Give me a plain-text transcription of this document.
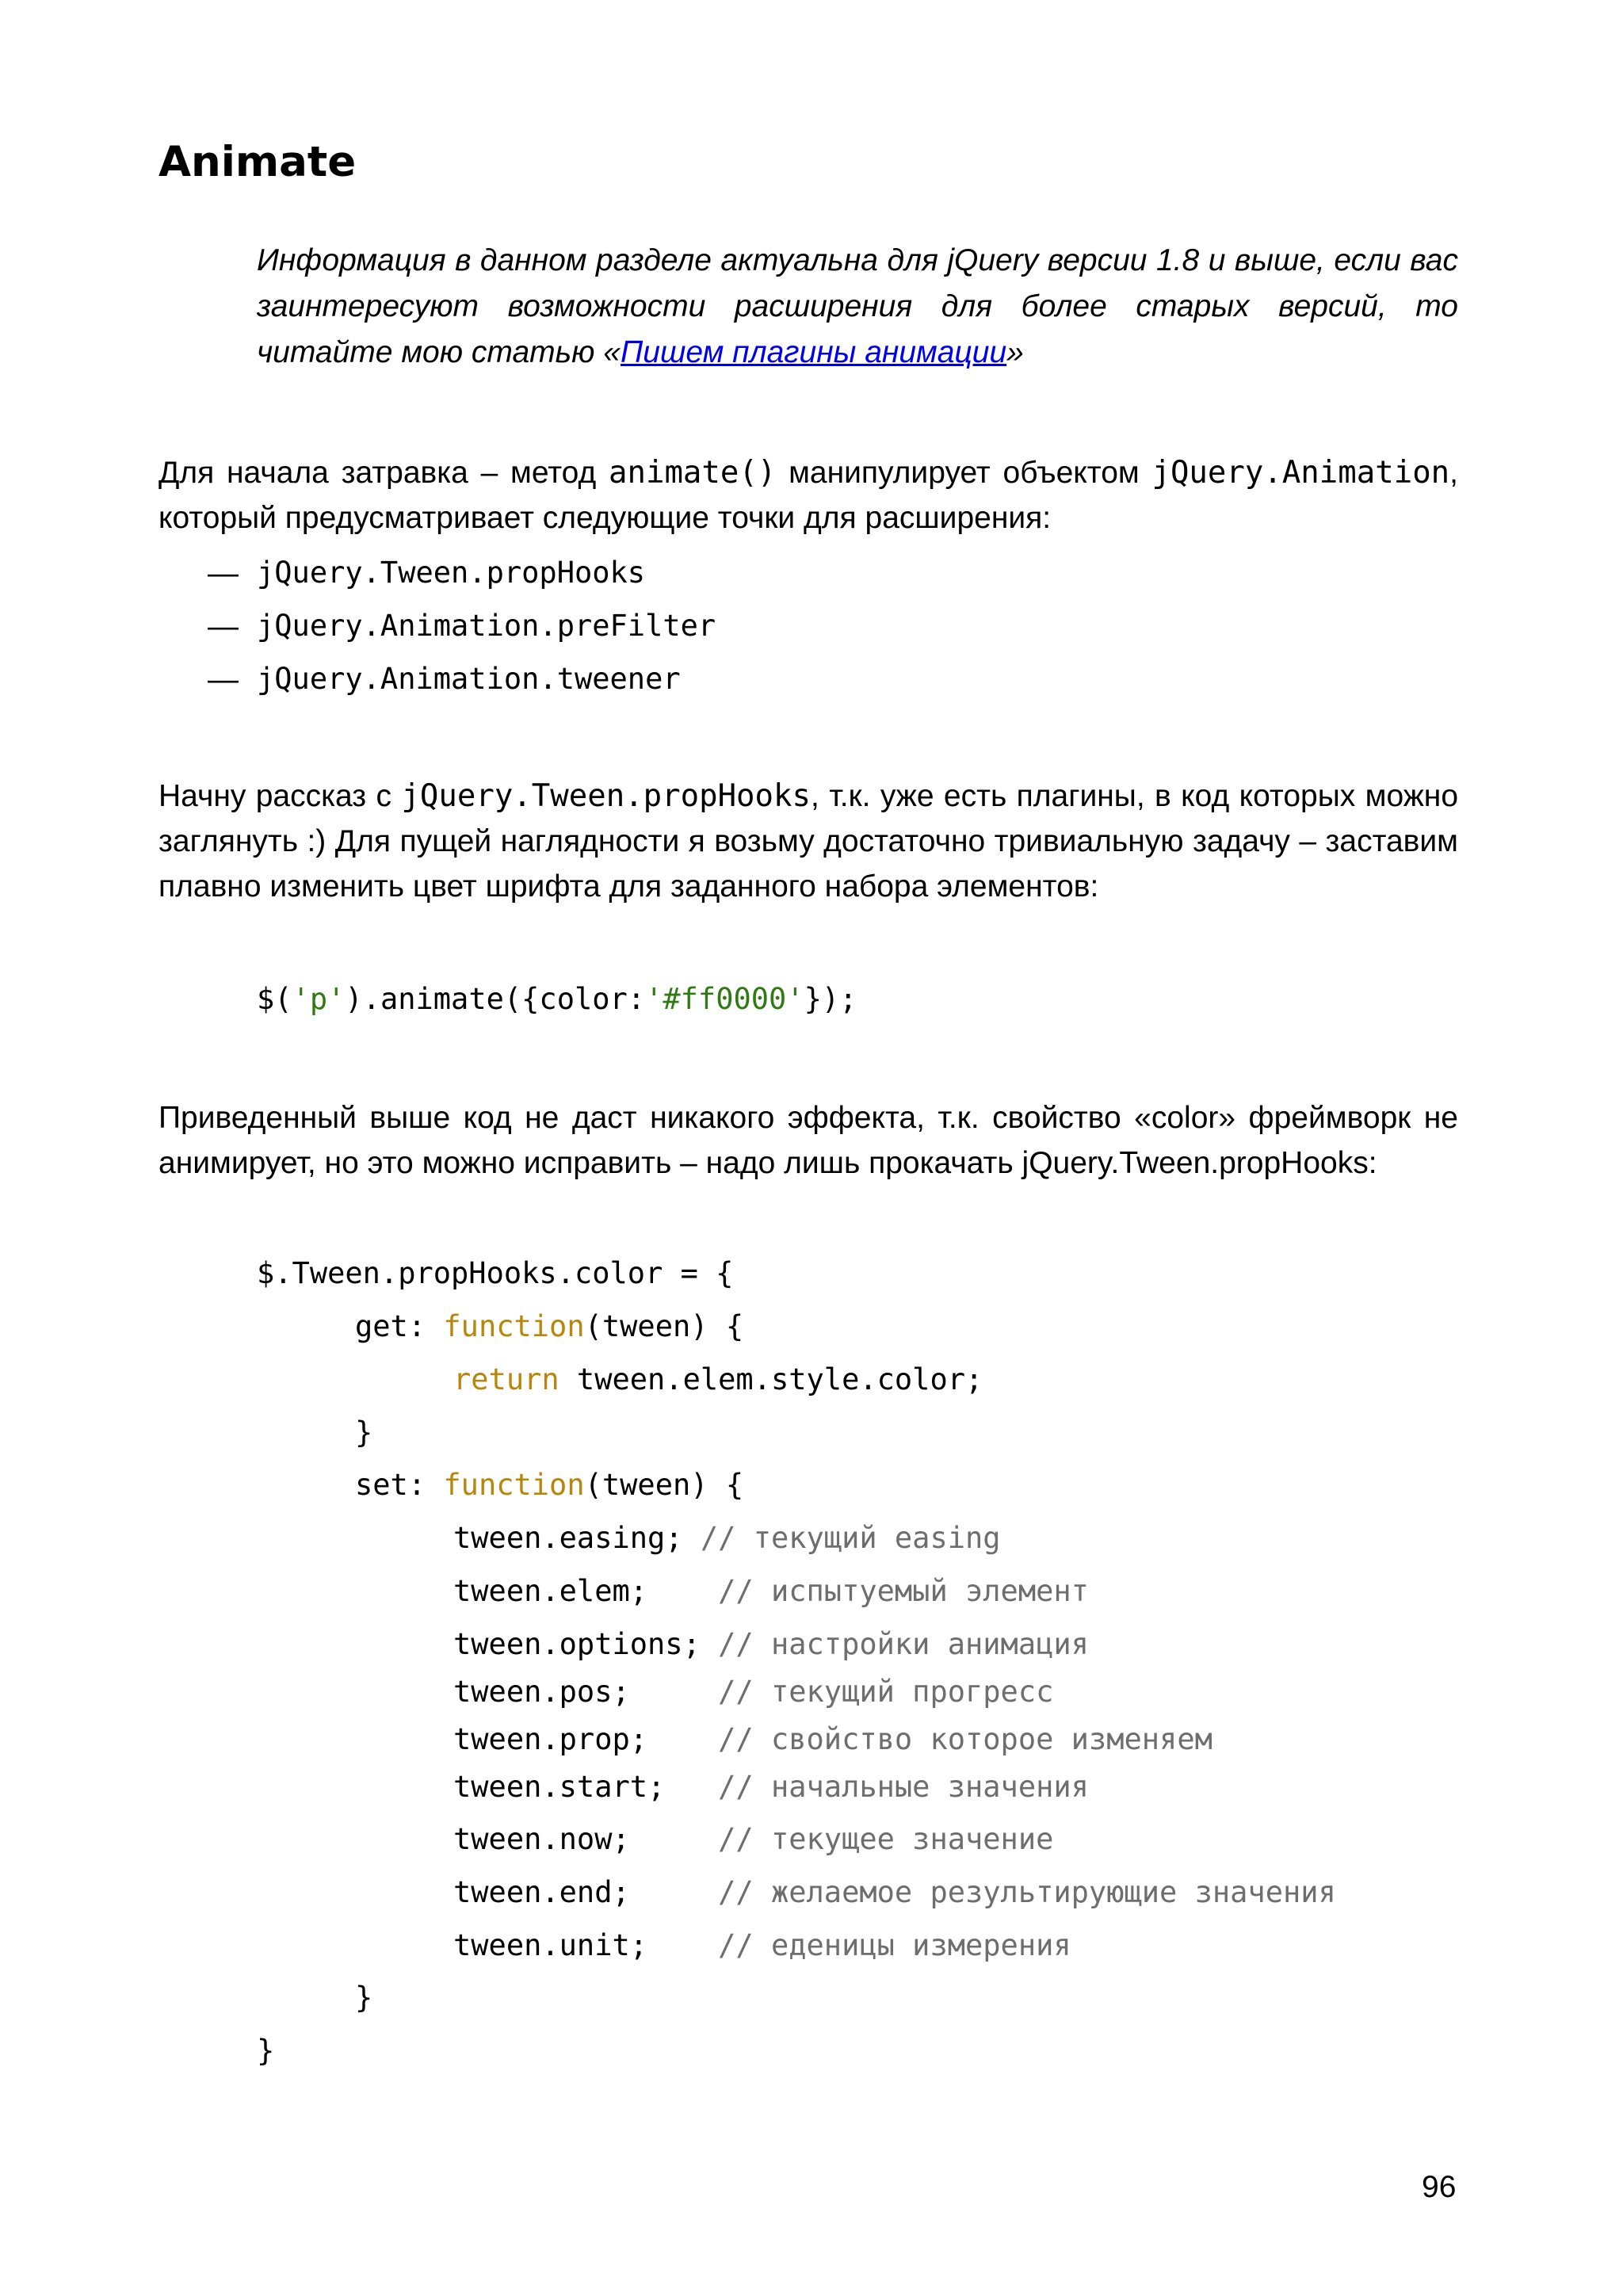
Animate
Информация в данном разделе актуальна для jQuery версии 1.8 и выше, если вас заинтересуют возможности расширения для более старых версий, то читайте мою статью «Пишем плагины анимации»
Для начала затравка – метод animate() манипулирует объектом jQuery.Animation, который предусматривает следующие точки для расширения:
— jQuery.Tween.propHooks
— jQuery.Animation.preFilter
— jQuery.Animation.tweener
Начну рассказ с jQuery.Tween.propHooks, т.к. уже есть плагины, в код которых можно заглянуть :) Для пущей наглядности я возьму достаточно тривиальную задачу – заставим плавно изменить цвет шрифта для заданного набора элементов:
$('p').animate({color:'#ff0000'});
Приведенный выше код не даст никакого эффекта, т.к. свойство «color» фреймворк не анимирует, но это можно исправить – надо лишь прокачать jQuery.Tween.propHooks:
$.Tween.propHooks.color = {
get: function(tween) {
return tween.elem.style.color;
}
set: function(tween) {
tween.easing; // текущий easing
tween.elem;    // испытуемый элемент
tween.options; // настройки анимация
tween.pos;     // текущий прогресс
tween.prop;    // свойство которое изменяем
tween.start;   // начальные значения
tween.now;     // текущее значение
tween.end;     // желаемое результирующие значения
tween.unit;    // еденицы измерения
}
}
96
